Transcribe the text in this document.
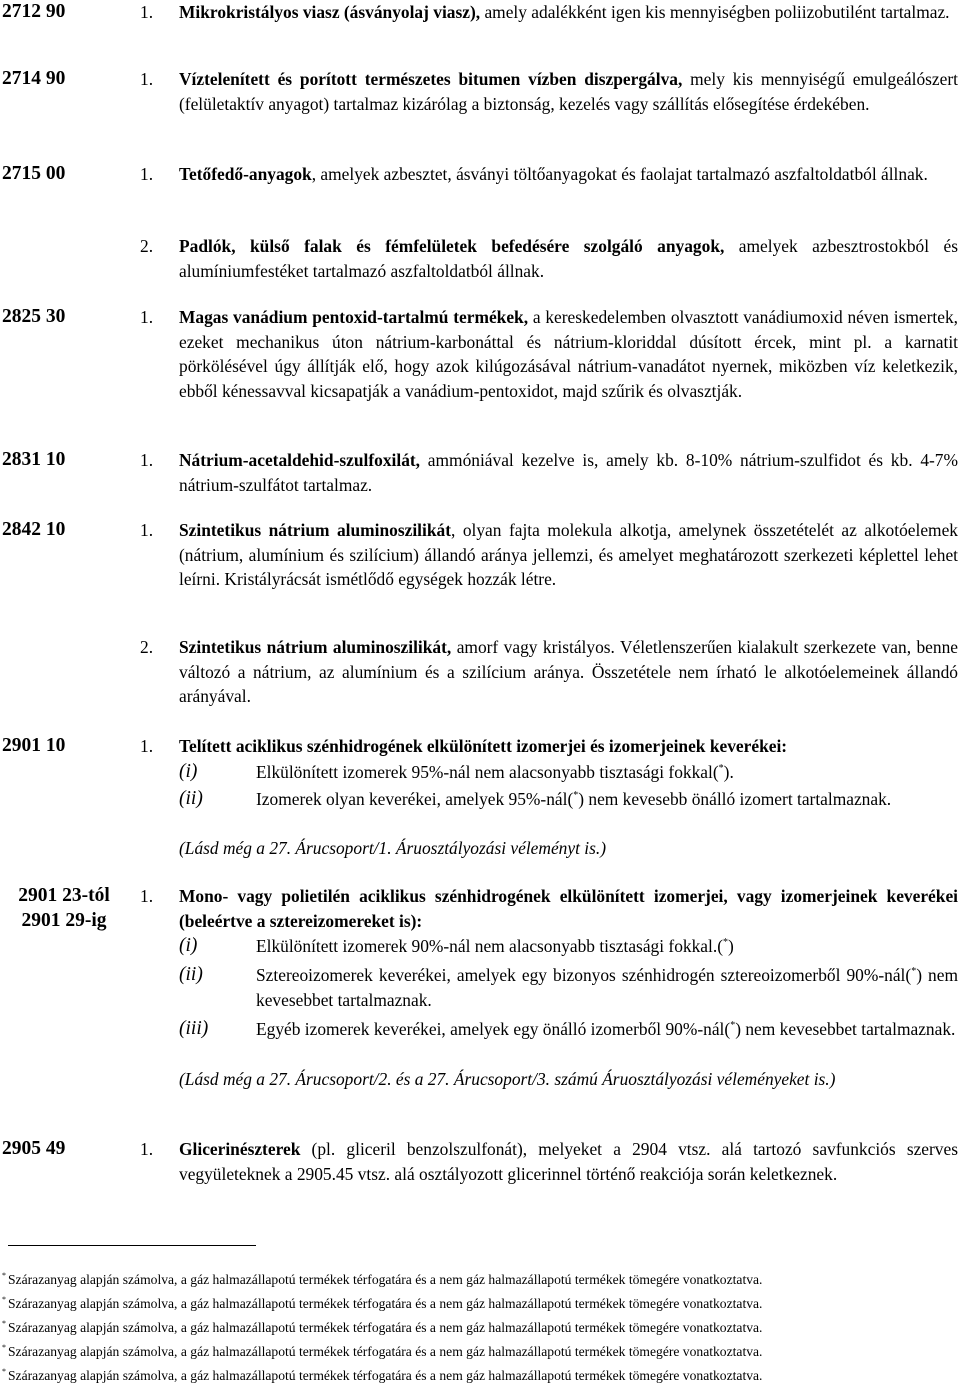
2712 90	1.	Mikrokristályos viasz (ásványolaj viasz), amely adalékként igen kis mennyiségben poliizobutilént tartalmaz.
2714 90	1.	Víztelenített és porított természetes bitumen vízben diszpergálva, mely kis mennyiségű emulgeálószert (felületaktív anyagot) tartalmaz kizárólag a biztonság, kezelés vagy szállítás elősegítése érdekében.
2715 00	1.	Tetőfedő-anyagok, amelyek azbesztet, ásványi töltőanyagokat és faolajat tartalmazó aszfaltoldatból állnak.
2.	Padlók, külső falak és fémfelületek befedésére szolgáló anyagok, amelyek azbesztrostokból és alumíniumfestéket tartalmazó aszfaltoldatból állnak.
2825 30	1.	Magas vanádium pentoxid-tartalmú termékek, a kereskedelemben olvasztott vanádiumoxid néven ismertek, ezeket mechanikus úton nátrium-karbonáttal és nátrium-kloriddal dúsított ércek, mint pl. a karnatit pörkölésével úgy állítják elő, hogy azok kilúgozásával nátrium-vanadátot nyernek, miközben víz keletkezik, ebből kénessavval kicsapatják a vanádium-pentoxidot, majd szűrik és olvasztják.
2831 10	1.	Nátrium-acetaldehid-szulfoxilát, ammóniával kezelve is, amely kb. 8-10% nátrium-szulfidot és kb. 4-7% nátrium-szulfátot tartalmaz.
2842 10	1.	Szintetikus nátrium aluminoszilikát, olyan fajta molekula alkotja, amelynek összetételét az alkotóelemek (nátrium, alumínium és szilícium) állandó aránya jellemzi, és amelyet meghatározott szerkezeti képlettel lehet leírni. Kristályrácsát ismétlődő egységek hozzák létre.
2.	Szintetikus nátrium aluminoszilikát, amorf vagy kristályos. Véletlenszerűen kialakult szerkezete van, benne változó a nátrium, az alumínium és a szilícium aránya. Összetétele nem írható le alkotóelemeinek állandó arányával.
2901 10	1.	Telített aciklikus szénhidrogének elkülönített izomerjei és izomerjeinek keverékei:
(i)	Elkülönített izomerek 95%-nál nem alacsonyabb tisztasági fokkal(*).
(ii)	Izomerek olyan keverékei, amelyek 95%-nál(*) nem kevesebb önálló izomert tartalmaznak.
(Lásd még a 27. Árucsoport/1. Áruosztályozási véleményt is.)
2901 23-tól
2901 29-ig
1.	Mono- vagy polietilén aciklikus szénhidrogének elkülönített izomerjei, vagy izomerjeinek keverékei (beleértve a sztereizomereket is):
(i)	Elkülönített izomerek 90%-nál nem alacsonyabb tisztasági fokkal.(*)
(ii)	Sztereoizomerek keverékei, amelyek egy bizonyos szénhidrogén sztereoizomerből 90%-nál(*) nem kevesebbet tartalmaznak.
(iii)	Egyéb izomerek keverékei, amelyek egy önálló izomerből 90%-nál(*) nem kevesebbet tartalmaznak.
(Lásd még a 27. Árucsoport/2. és a 27. Árucsoport/3. számú Áruosztályozási véleményeket is.)
2905 49	1.	Glicerinészterek (pl. gliceril benzolszulfonát), melyeket a 2904 vtsz. alá tartozó savfunkciós szerves vegyületeknek a 2905.45 vtsz. alá osztályozott glicerinnel történő reakciója során keletkeznek.
* Szárazanyag alapján számolva, a gáz halmazállapotú termékek térfogatára és a nem gáz halmazállapotú termékek tömegére vonatkoztatva.
* Szárazanyag alapján számolva, a gáz halmazállapotú termékek térfogatára és a nem gáz halmazállapotú termékek tömegére vonatkoztatva.
* Szárazanyag alapján számolva, a gáz halmazállapotú termékek térfogatára és a nem gáz halmazállapotú termékek tömegére vonatkoztatva.
* Szárazanyag alapján számolva, a gáz halmazállapotú termékek térfogatára és a nem gáz halmazállapotú termékek tömegére vonatkoztatva.
* Szárazanyag alapján számolva, a gáz halmazállapotú termékek térfogatára és a nem gáz halmazállapotú termékek tömegére vonatkoztatva.
